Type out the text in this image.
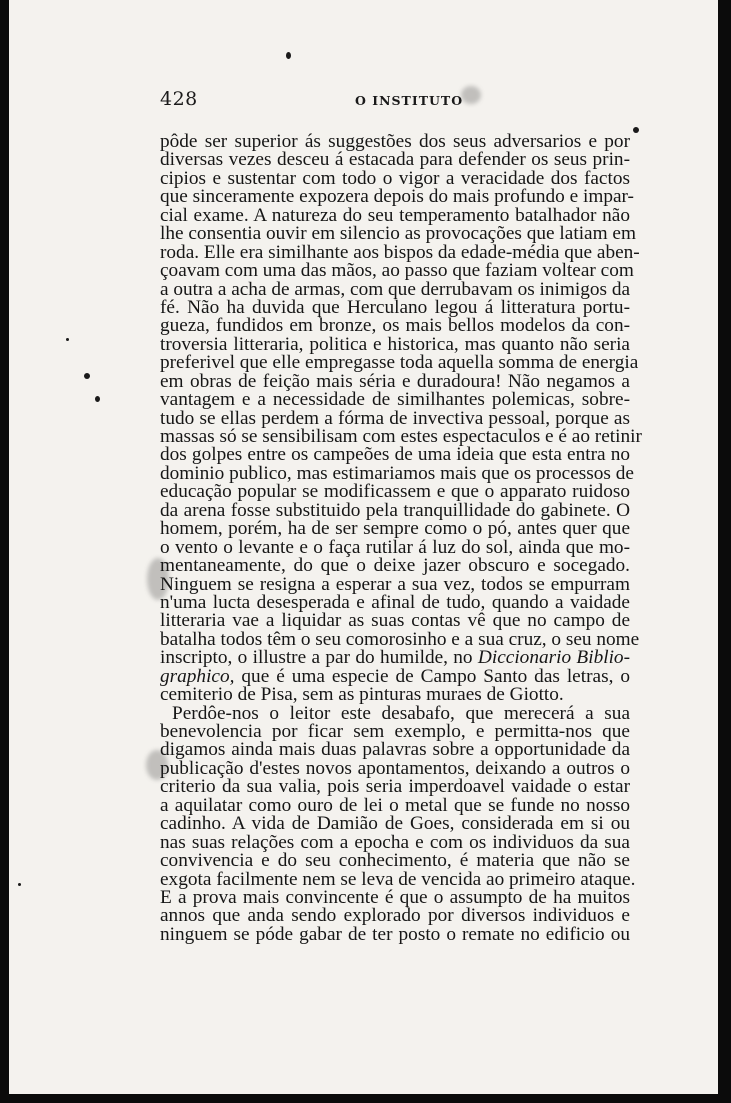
428	O INSTITUTO
pôde ser superior ás suggestões dos seus adversarios e por
diversas vezes desceu á estacada para defender os seus prin-
cipios e sustentar com todo o vigor a veracidade dos factos
que sinceramente expozera depois do mais profundo e impar-
cial exame. A natureza do seu temperamento batalhador não
lhe consentia ouvir em silencio as provocações que latiam em
roda. Elle era similhante aos bispos da edade-média que aben-
çoavam com uma das mãos, ao passo que faziam voltear com
a outra a acha de armas, com que derrubavam os inimigos da
fé. Não ha duvida que Herculano legou á litteratura portu-
gueza, fundidos em bronze, os mais bellos modelos da con-
troversia litteraria, politica e historica, mas quanto não seria
preferivel que elle empregasse toda aquella somma de energia
em obras de feição mais séria e duradoura! Não negamos a
vantagem e a necessidade de similhantes polemicas, sobre-
tudo se ellas perdem a fórma de invectiva pessoal, porque as
massas só se sensibilisam com estes espectaculos e é ao retinir
dos golpes entre os campeões de uma ideia que esta entra no
dominio publico, mas estimariamos mais que os processos de
educação popular se modificassem e que o apparato ruidoso
da arena fosse substituido pela tranquillidade do gabinete. O
homem, porém, ha de ser sempre como o pó, antes quer que
o vento o levante e o faça rutilar á luz do sol, ainda que mo-
mentaneamente, do que o deixe jazer obscuro e socegado.
Ninguem se resigna a esperar a sua vez, todos se empurram
n'uma lucta desesperada e afinal de tudo, quando a vaidade
litteraria vae a liquidar as suas contas vê que no campo de
batalha todos têm o seu comorosinho e a sua cruz, o seu nome
inscripto, o illustre a par do humilde, no Diccionario Biblio-
graphico, que é uma especie de Campo Santo das letras, o
cemiterio de Pisa, sem as pinturas muraes de Giotto.
Perdôe-nos o leitor este desabafo, que merecerá a sua
benevolencia por ficar sem exemplo, e permitta-nos que
digamos ainda mais duas palavras sobre a opportunidade da
publicação d'estes novos apontamentos, deixando a outros o
criterio da sua valia, pois seria imperdoavel vaidade o estar
a aquilatar como ouro de lei o metal que se funde no nosso
cadinho. A vida de Damião de Goes, considerada em si ou
nas suas relações com a epocha e com os individuos da sua
convivencia e do seu conhecimento, é materia que não se
exgota facilmente nem se leva de vencida ao primeiro ataque.
E a prova mais convincente é que o assumpto de ha muitos
annos que anda sendo explorado por diversos individuos e
ninguem se póde gabar de ter posto o remate no edificio ou
